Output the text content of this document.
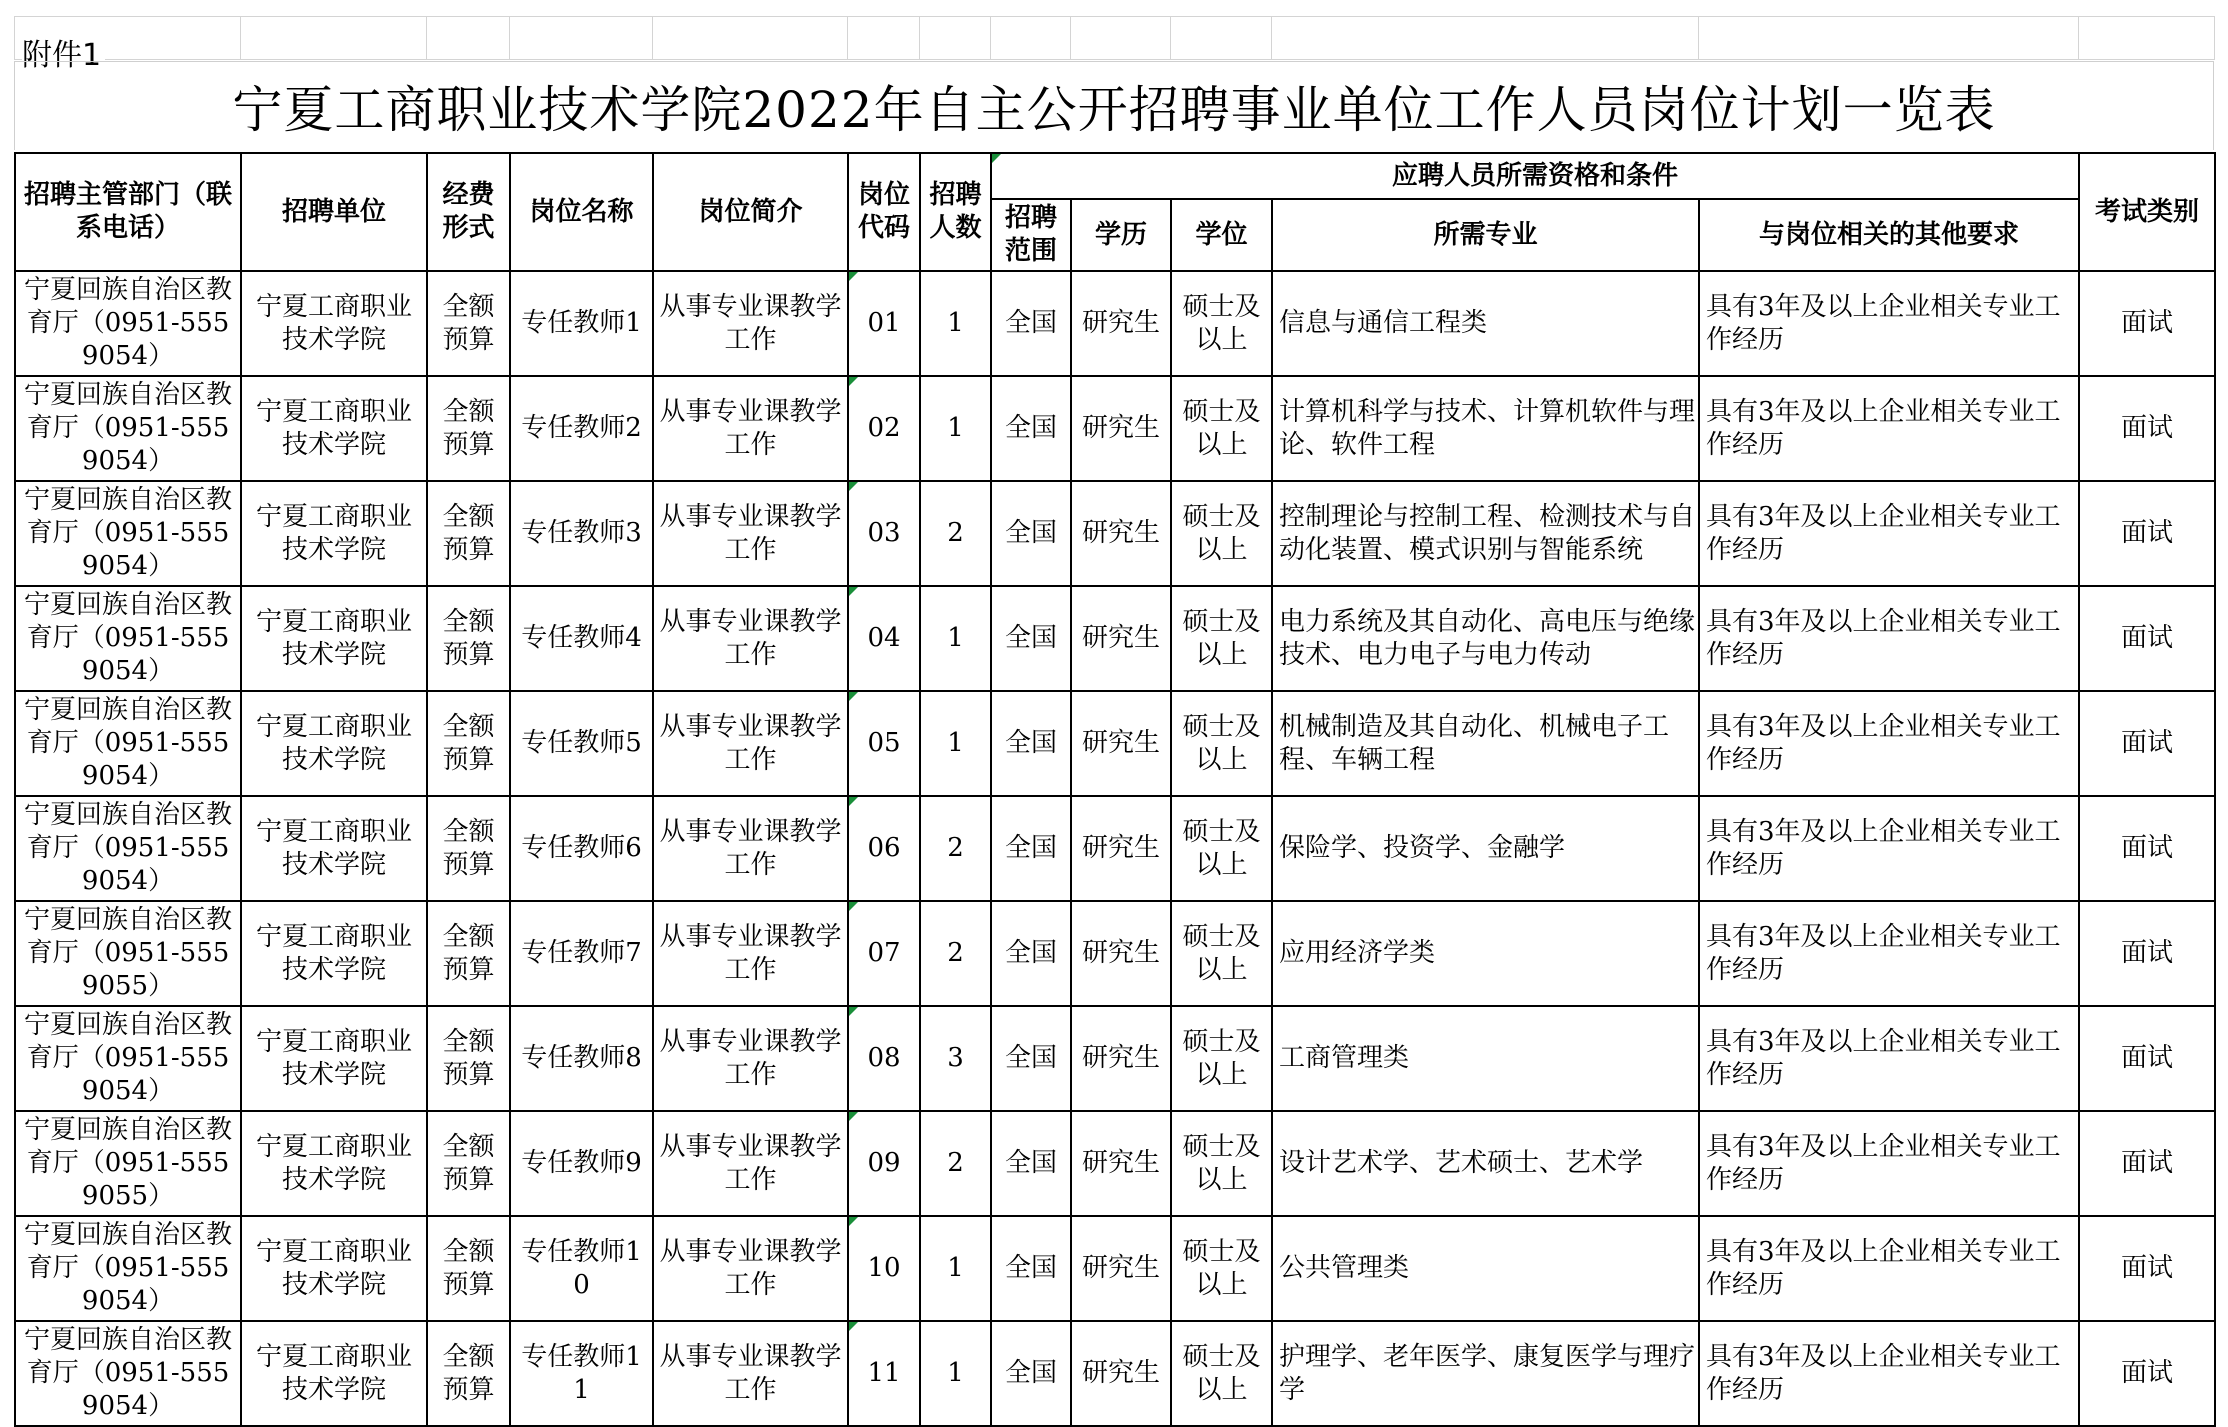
附件1
宁夏工商职业技术学院2022年自主公开招聘事业单位工作人员岗位计划一览表
招聘主管部门（联系电话）	招聘单位	经费形式	岗位名称	岗位简介	岗位代码	招聘人数	应聘人员所需资格和条件					考试类别
							招聘范围	学历	学位	所需专业	与岗位相关的其他要求	
宁夏回族自治区教育厅（0951-5559054）	宁夏工商职业技术学院	全额预算	专任教师1	从事专业课教学工作	01	1	全国	研究生	硕士及以上	信息与通信工程类	具有3年及以上企业相关专业工作经历	面试
宁夏回族自治区教育厅（0951-5559054）	宁夏工商职业技术学院	全额预算	专任教师2	从事专业课教学工作	02	1	全国	研究生	硕士及以上	计算机科学与技术、计算机软件与理论、软件工程	具有3年及以上企业相关专业工作经历	面试
宁夏回族自治区教育厅（0951-5559054）	宁夏工商职业技术学院	全额预算	专任教师3	从事专业课教学工作	03	2	全国	研究生	硕士及以上	控制理论与控制工程、检测技术与自动化装置、模式识别与智能系统	具有3年及以上企业相关专业工作经历	面试
宁夏回族自治区教育厅（0951-5559054）	宁夏工商职业技术学院	全额预算	专任教师4	从事专业课教学工作	04	1	全国	研究生	硕士及以上	电力系统及其自动化、高电压与绝缘技术、电力电子与电力传动	具有3年及以上企业相关专业工作经历	面试
宁夏回族自治区教育厅（0951-5559054）	宁夏工商职业技术学院	全额预算	专任教师5	从事专业课教学工作	05	1	全国	研究生	硕士及以上	机械制造及其自动化、机械电子工程、车辆工程	具有3年及以上企业相关专业工作经历	面试
宁夏回族自治区教育厅（0951-5559054）	宁夏工商职业技术学院	全额预算	专任教师6	从事专业课教学工作	06	2	全国	研究生	硕士及以上	保险学、投资学、金融学	具有3年及以上企业相关专业工作经历	面试
宁夏回族自治区教育厅（0951-5559055）	宁夏工商职业技术学院	全额预算	专任教师7	从事专业课教学工作	07	2	全国	研究生	硕士及以上	应用经济学类	具有3年及以上企业相关专业工作经历	面试
宁夏回族自治区教育厅（0951-5559054）	宁夏工商职业技术学院	全额预算	专任教师8	从事专业课教学工作	08	3	全国	研究生	硕士及以上	工商管理类	具有3年及以上企业相关专业工作经历	面试
宁夏回族自治区教育厅（0951-5559055）	宁夏工商职业技术学院	全额预算	专任教师9	从事专业课教学工作	09	2	全国	研究生	硕士及以上	设计艺术学、艺术硕士、艺术学	具有3年及以上企业相关专业工作经历	面试
宁夏回族自治区教育厅（0951-5559054）	宁夏工商职业技术学院	全额预算	专任教师10	从事专业课教学工作	10	1	全国	研究生	硕士及以上	公共管理类	具有3年及以上企业相关专业工作经历	面试
宁夏回族自治区教育厅（0951-5559054）	宁夏工商职业技术学院	全额预算	专任教师11	从事专业课教学工作	11	1	全国	研究生	硕士及以上	护理学、老年医学、康复医学与理疗学	具有3年及以上企业相关专业工作经历	面试
